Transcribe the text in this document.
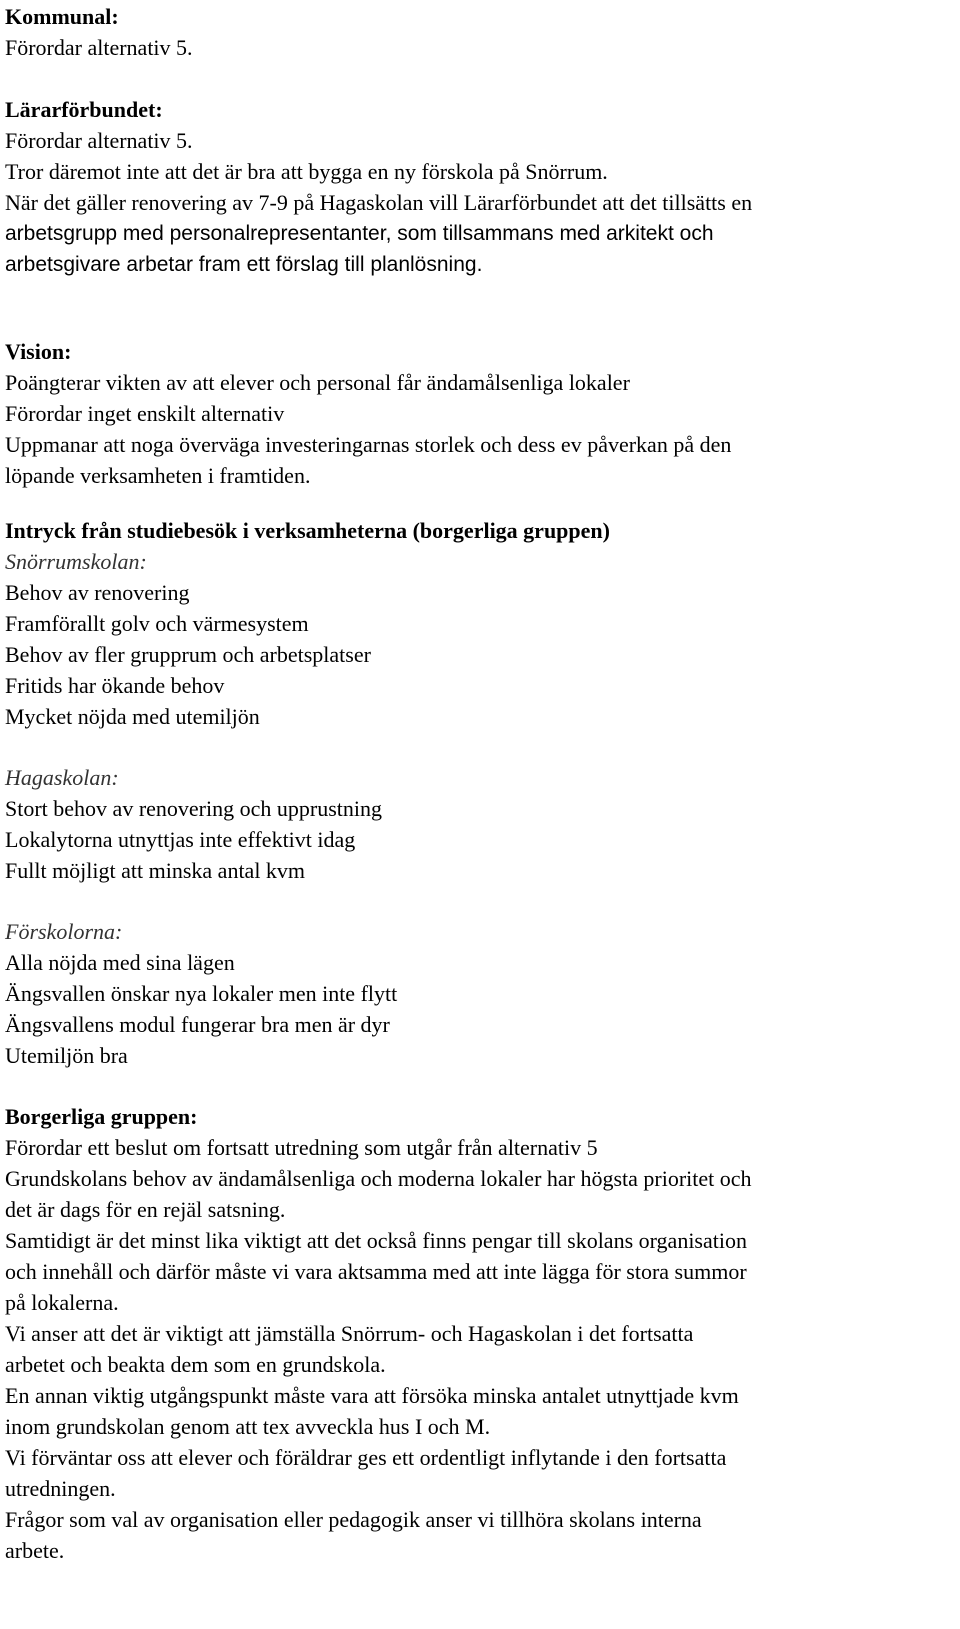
Kommunal:
Förordar alternativ 5.
Lärarförbundet:
Förordar alternativ 5.
Tror däremot inte att det är bra att bygga en ny förskola på Snörrum.
När det gäller renovering av 7-9 på Hagaskolan vill Lärarförbundet att det tillsätts en
arbetsgrupp med personalrepresentanter, som tillsammans med arkitekt och
arbetsgivare arbetar fram ett förslag till planlösning.
Vision:
Poängterar vikten av att elever och personal får ändamålsenliga lokaler
Förordar inget enskilt alternativ
Uppmanar att noga överväga investeringarnas storlek och dess ev påverkan på den
löpande verksamheten i framtiden.
Intryck från studiebesök i verksamheterna (borgerliga gruppen)
Snörrumskolan:
Behov av renovering
Framförallt golv och värmesystem
Behov av fler grupprum och arbetsplatser
Fritids har ökande behov
Mycket nöjda med utemiljön
Hagaskolan:
Stort behov av renovering och upprustning
Lokalytorna utnyttjas inte effektivt idag
Fullt möjligt att minska antal kvm
Förskolorna:
Alla nöjda med sina lägen
Ängsvallen önskar nya lokaler men inte flytt
Ängsvallens modul fungerar bra men är dyr
Utemiljön bra
Borgerliga gruppen:
Förordar ett beslut om fortsatt utredning som utgår från alternativ 5
Grundskolans behov av ändamålsenliga och moderna lokaler har högsta prioritet och
det är dags för en rejäl satsning.
Samtidigt är det minst lika viktigt att det också finns pengar till skolans organisation
och innehåll och därför måste vi vara aktsamma med att inte lägga för stora summor
på lokalerna.
Vi anser att det är viktigt att jämställa Snörrum- och Hagaskolan i det fortsatta
arbetet och beakta dem som en grundskola.
En annan viktig utgångspunkt måste vara att försöka minska antalet utnyttjade kvm
inom grundskolan genom att tex avveckla hus I och M.
Vi förväntar oss att elever och föräldrar ges ett ordentligt inflytande i den fortsatta
utredningen.
Frågor som val av organisation eller pedagogik anser vi tillhöra skolans interna
arbete.
